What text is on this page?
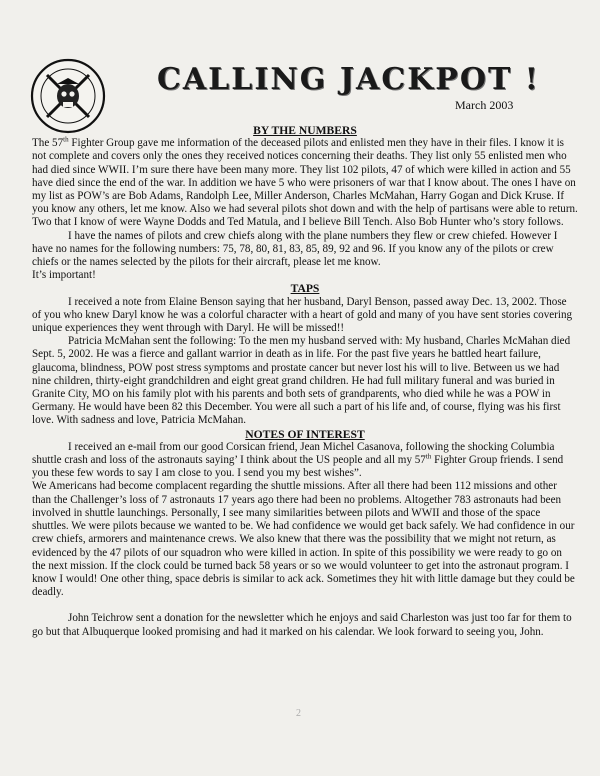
CALLING JACKPOT !
March 2003
BY THE NUMBERS

The 57th Fighter Group gave me information of the deceased pilots and enlisted men they have in their files. I know it is not complete and covers only the ones they received notices concerning their deaths. They list only 55 enlisted men who had died since WWII. I’m sure there have been many more. They list 102 pilots, 47 of which were killed in action and 55 have died since the end of the war. In addition we have 5 who were prisoners of war that I know about. The ones I have on my list as POW’s are Bob Adams, Randolph Lee, Miller Anderson, Charles McMahan, Harry Gogan and Dick Kruse. If you know any others, let me know. Also we had several pilots shot down and with the help of partisans were able to return. Two that I know of were Wayne Dodds and Ted Matula, and I believe Bill Tench. Also Bob Hunter who’s story follows.

I have the names of pilots and crew chiefs along with the plane numbers they flew or crew chiefed. However I have no names for the following numbers: 75, 78, 80, 81, 83, 85, 89, 92 and 96. If you know any of the pilots or crew chiefs or the names selected by the pilots for their aircraft, please let me know.

It’s important!

TAPS

I received a note from Elaine Benson saying that her husband, Daryl Benson, passed away Dec. 13, 2002. Those of you who knew Daryl know he was a colorful character with a heart of gold and many of you have sent stories covering unique experiences they went through with Daryl. He will be missed!!

Patricia McMahan sent the following: To the men my husband served with: My husband, Charles McMahan died Sept. 5, 2002. He was a fierce and gallant warrior in death as in life. For the past five years he battled heart failure, glaucoma, blindness, POW post stress symptoms and prostate cancer but never lost his will to live. Between us we had nine children, thirty-eight grandchildren and eight great grand children. He had full military funeral and was buried in Granite City, MO on his family plot with his parents and both sets of grandparents, who died while he was a POW in Germany. He would have been 82 this December. You were all such a part of his life and, of course, flying was his first love. With sadness and love, Patricia McMahan.

NOTES OF INTEREST

I received an e-mail from our good Corsican friend, Jean Michel Casanova, following the shocking Columbia shuttle crash and loss of the astronauts saying’ I think about the US people and all my 57th Fighter Group friends. I send you these few words to say I am close to you. I send you my best wishes”.

We Americans had become complacent regarding the shuttle missions. After all there had been 112 missions and other than the Challenger’s loss of 7 astronauts 17 years ago there had been no problems. Altogether 783 astronauts had been involved in shuttle launchings. Personally, I see many similarities between pilots and WWII and those of the space shuttles. We were pilots because we wanted to be. We had confidence we would get back safely. We had confidence in our crew chiefs, armorers and maintenance crews. We also knew that there was the possibility that we might not return, as evidenced by the 47 pilots of our squadron who were killed in action. In spite of this possibility we were ready to go on the next mission. If the clock could be turned back 58 years or so we would volunteer to get into the astronaut program. I know I would! One other thing, space debris is similar to ack ack. Sometimes they hit with little damage but they could be deadly.

John Teichrow sent a donation for the newsletter which he enjoys and said Charleston was just too far for them to go but that Albuquerque looked promising and had it marked on his calendar. We look forward to seeing you, John.

2
